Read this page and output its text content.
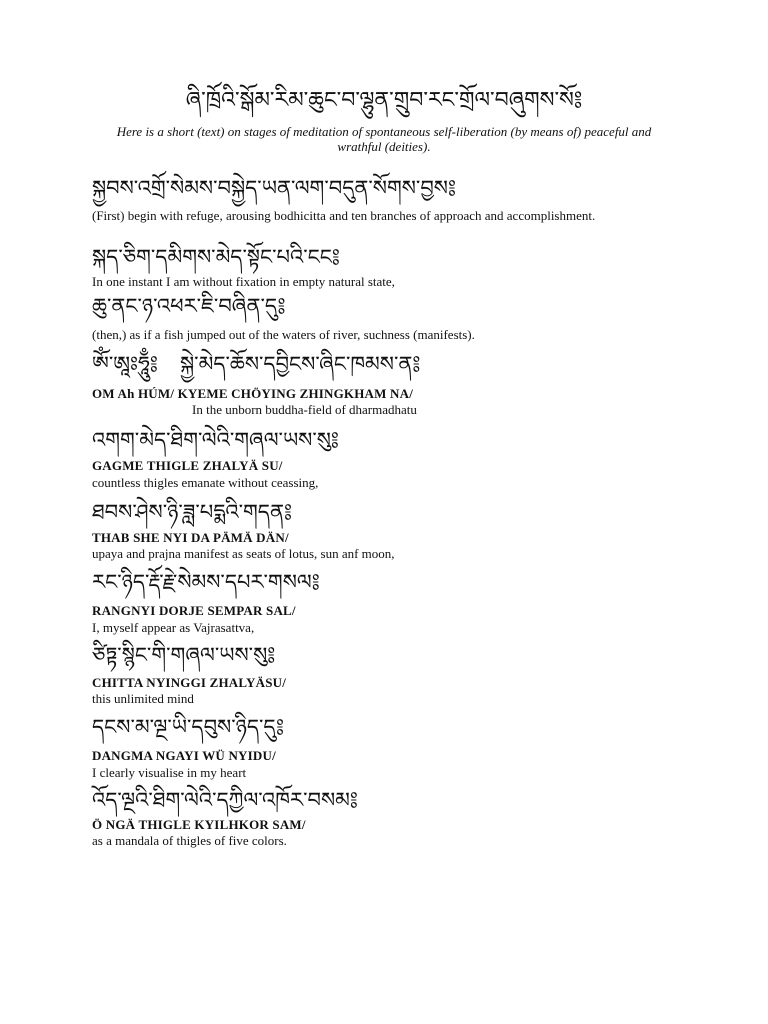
ཞི་ཁྲོའི་སྒོམ་རིམ་ཆུང་བ་ལྷུན་གྲུབ་རང་གྲོལ་བཞུགས་སོ༔
Here is a short (text) on stages of meditation of spontaneous self-liberation (by means of) peaceful and wrathful (deities).
སྐྱབས་འགྲོ་སེམས་བསྐྱེད་ཡན་ལག་བདུན་སོགས་བྱས༔
(First) begin with refuge, arousing bodhicitta and ten branches of approach and accomplishment.
སྐད་ཅིག་དམིགས་མེད་སྟོང་པའི་ངང༔
In one instant I am without fixation in empty natural state,
ཆུ་ནང་ཉ་འཕར་ཇི་བཞིན་དུ༔
(then,) as if a fish jumped out of the waters of river, suchness (manifests).
ཨོཾ་ཨཱཿཧཱུྃ༔ སྐྱེ་མེད་ཆོས་དབྱིངས་ཞིང་ཁམས་ན༔
OM Ah HÚM/ KYEME CHÖYING ZHINGKHAM NA/
In the unborn buddha-field of dharmadhatu
འགག་མེད་ཐིག་ལེའི་གཞལ་ཡས་སུ༔
GAGME THIGLE ZHALYÄ SU/
countless thigles emanate without ceassing,
ཐབས་ཤེས་ཉི་ཟླ་པདྨའི་གདན༔
THAB SHE NYI DA PÄMÄ DÄN/
upaya and prajna manifest as seats of lotus, sun anf moon,
རང་ཉིད་རྡོ་རྗེ་སེམས་དཔར་གསལ༔
RANGNYI DORJE SEMPAR SAL/
I, myself appear as Vajrasattva,
ཙིཏྟ་སྙིང་གི་གཞལ་ཡས་སུ༔
CHITTA NYINGGI ZHALYÄSU/
this unlimited mind
དངས་མ་ལྔ་ཡི་དབུས་ཉིད་དུ༔
DANGMA NGAYI WÜ NYIDU/
I clearly visualise in my heart
འོད་ལྔའི་ཐིག་ལེའི་དཀྱིལ་འཁོར་བསམ༔
Ö NGÄ THIGLE KYILHKOR SAM/
as a mandala of thigles of five colors.
